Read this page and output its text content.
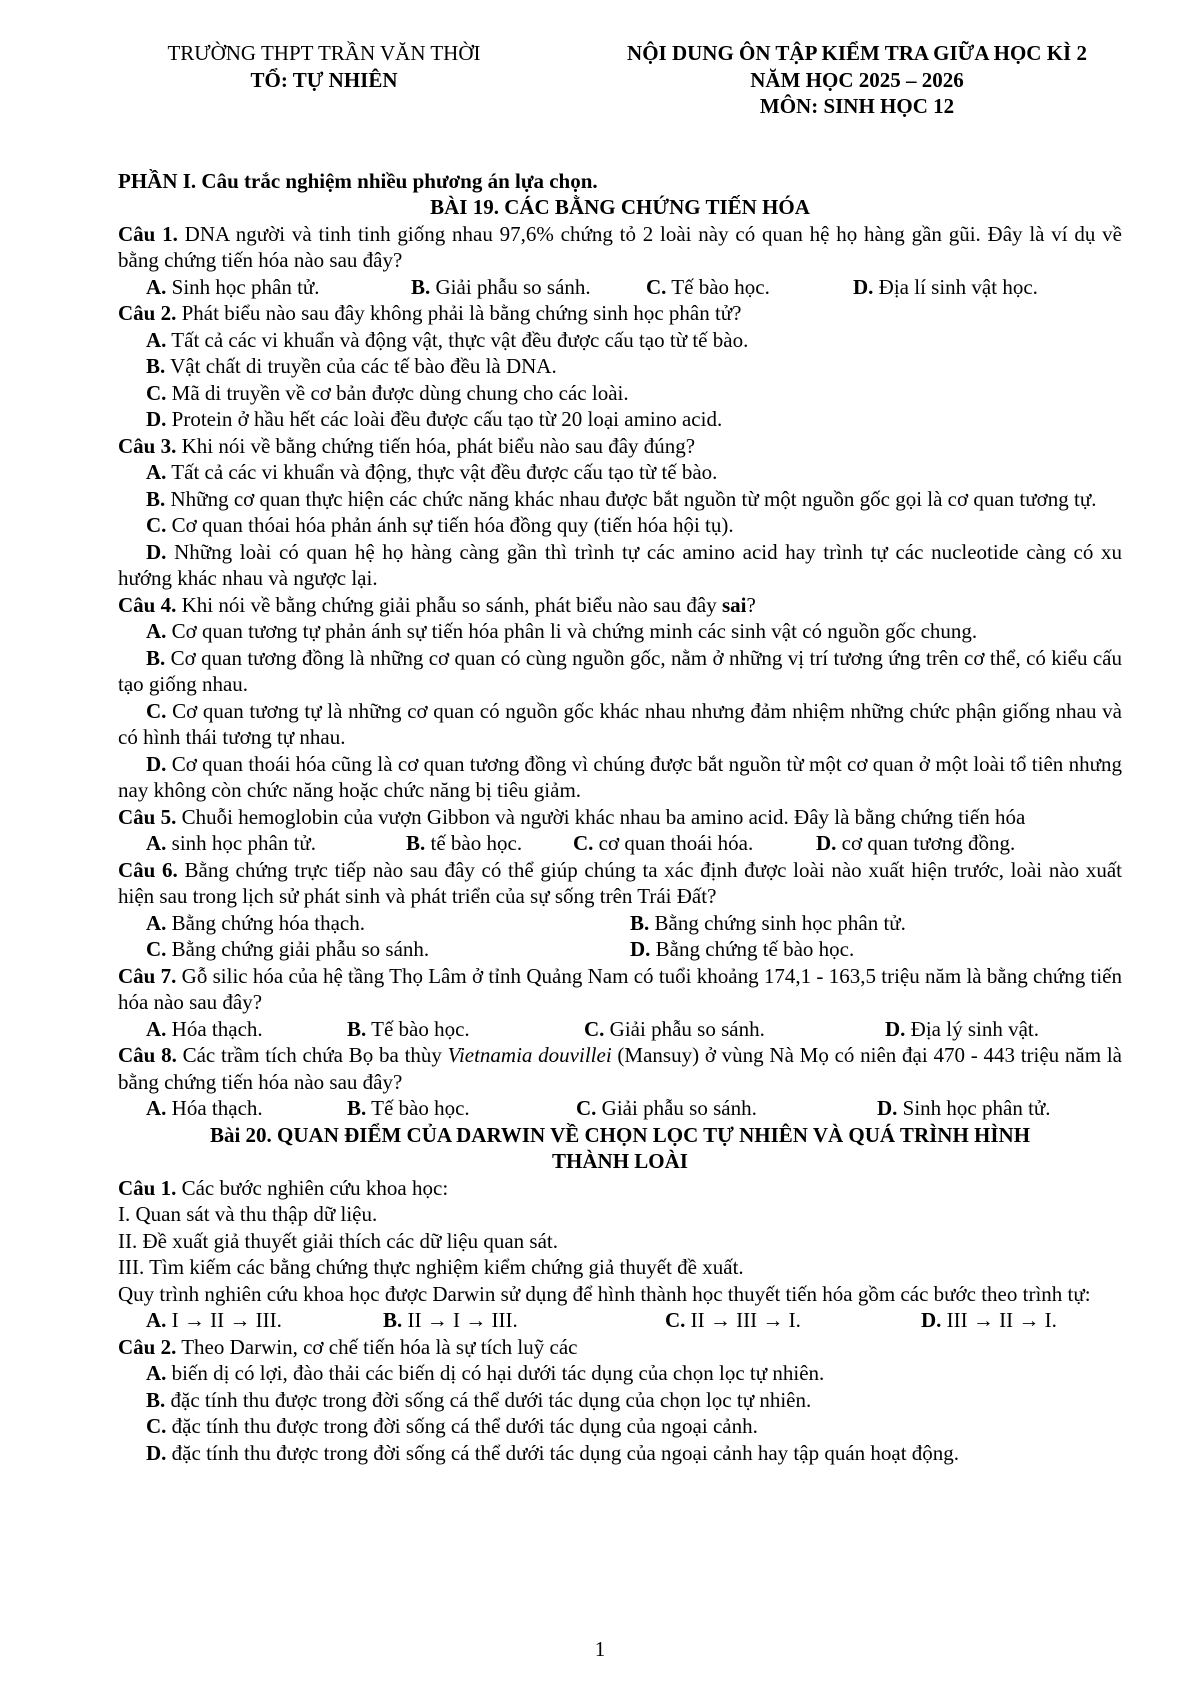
TRƯỜNG THPT TRẦN VĂN THỜI
TỔ: TỰ NHIÊN
NỘI DUNG ÔN TẬP KIỂM TRA GIỮA HỌC KÌ 2
NĂM HỌC 2025 – 2026
MÔN: SINH HỌC 12

PHẦN I. Câu trắc nghiệm nhiều phương án lựa chọn.

BÀI 19. CÁC BẰNG CHỨNG TIẾN HÓA

Câu 1. DNA người và tinh tinh giống nhau 97,6% chứng tỏ 2 loài này có quan hệ họ hàng gần gũi. Đây là ví dụ về bằng chứng tiến hóa nào sau đây?

A. Sinh học phân tử.	B. Giải phẫu so sánh.	C. Tế bào học.	D. Địa lí sinh vật học.

Câu 2. Phát biểu nào sau đây không phải là bằng chứng sinh học phân tử?

A. Tất cả các vi khuẩn và động vật, thực vật đều được cấu tạo từ tế bào.

B. Vật chất di truyền của các tế bào đều là DNA.

C. Mã di truyền về cơ bản được dùng chung cho các loài.

D. Protein ở hầu hết các loài đều được cấu tạo từ 20 loại amino acid.

Câu 3. Khi nói về bằng chứng tiến hóa, phát biểu nào sau đây đúng?

A. Tất cả các vi khuẩn và động, thực vật đều được cấu tạo từ tế bào.

B. Những cơ quan thực hiện các chức năng khác nhau được bắt nguồn từ một nguồn gốc gọi là cơ quan tương tự.

C. Cơ quan thóai hóa phản ánh sự tiến hóa đồng quy (tiến hóa hội tụ).

D. Những loài có quan hệ họ hàng càng gần thì trình tự các amino acid hay trình tự các nucleotide càng có xu hướng khác nhau và ngược lại.

Câu 4. Khi nói về bằng chứng giải phẫu so sánh, phát biểu nào sau đây sai?

A. Cơ quan tương tự phản ánh sự tiến hóa phân li và chứng minh các sinh vật có nguồn gốc chung.

B. Cơ quan tương đồng là những cơ quan có cùng nguồn gốc, nằm ở những vị trí tương ứng trên cơ thể, có kiểu cấu tạo giống nhau.

C. Cơ quan tương tự là những cơ quan có nguồn gốc khác nhau nhưng đảm nhiệm những chức phận giống nhau và có hình thái tương tự nhau.

D. Cơ quan thoái hóa cũng là cơ quan tương đồng vì chúng được bắt nguồn từ một cơ quan ở một loài tổ tiên nhưng nay không còn chức năng hoặc chức năng bị tiêu giảm.

Câu 5. Chuỗi hemoglobin của vượn Gibbon và người khác nhau ba amino acid. Đây là bằng chứng tiến hóa

A. sinh học phân tử.	B. tế bào học.	C. cơ quan thoái hóa.	D. cơ quan tương đồng.

Câu 6. Bằng chứng trực tiếp nào sau đây có thể giúp chúng ta xác định được loài nào xuất hiện trước, loài nào xuất hiện sau trong lịch sử phát sinh và phát triển của sự sống trên Trái Đất?

A. Bằng chứng hóa thạch.	B. Bằng chứng sinh học phân tử.
C. Bằng chứng giải phẫu so sánh.	D. Bằng chứng tế bào học.

Câu 7. Gỗ silic hóa của hệ tầng Thọ Lâm ở tỉnh Quảng Nam có tuổi khoảng 174,1 - 163,5 triệu năm là bằng chứng tiến hóa nào sau đây?

A. Hóa thạch.	B. Tế bào học.	C. Giải phẫu so sánh.	D. Địa lý sinh vật.

Câu 8. Các trầm tích chứa Bọ ba thùy Vietnamia douvillei (Mansuy) ở vùng Nà Mọ có niên đại 470 - 443 triệu năm là bằng chứng tiến hóa nào sau đây?

A. Hóa thạch.	B. Tế bào học.	C. Giải phẫu so sánh.	D. Sinh học phân tử.
Bài 20. QUAN ĐIỂM CỦA DARWIN VỀ CHỌN LỌC TỰ NHIÊN VÀ QUÁ TRÌNH HÌNH
THÀNH LOÀI

Câu 1. Các bước nghiên cứu khoa học:

I. Quan sát và thu thập dữ liệu.

II. Đề xuất giả thuyết giải thích các dữ liệu quan sát.

III. Tìm kiếm các bằng chứng thực nghiệm kiểm chứng giả thuyết đề xuất.

Quy trình nghiên cứu khoa học được Darwin sử dụng để hình thành học thuyết tiến hóa gồm các bước theo trình tự:

A. I → II → III.	B. II → I → III.	C. II → III → I.	D. III → II → I.

Câu 2. Theo Darwin, cơ chế tiến hóa là sự tích luỹ các

A. biến dị có lợi, đào thải các biến dị có hại dưới tác dụng của chọn lọc tự nhiên.

B. đặc tính thu được trong đời sống cá thể dưới tác dụng của chọn lọc tự nhiên.

C. đặc tính thu được trong đời sống cá thể dưới tác dụng của ngoại cảnh.

D. đặc tính thu được trong đời sống cá thể dưới tác dụng của ngoại cảnh hay tập quán hoạt động.

1
